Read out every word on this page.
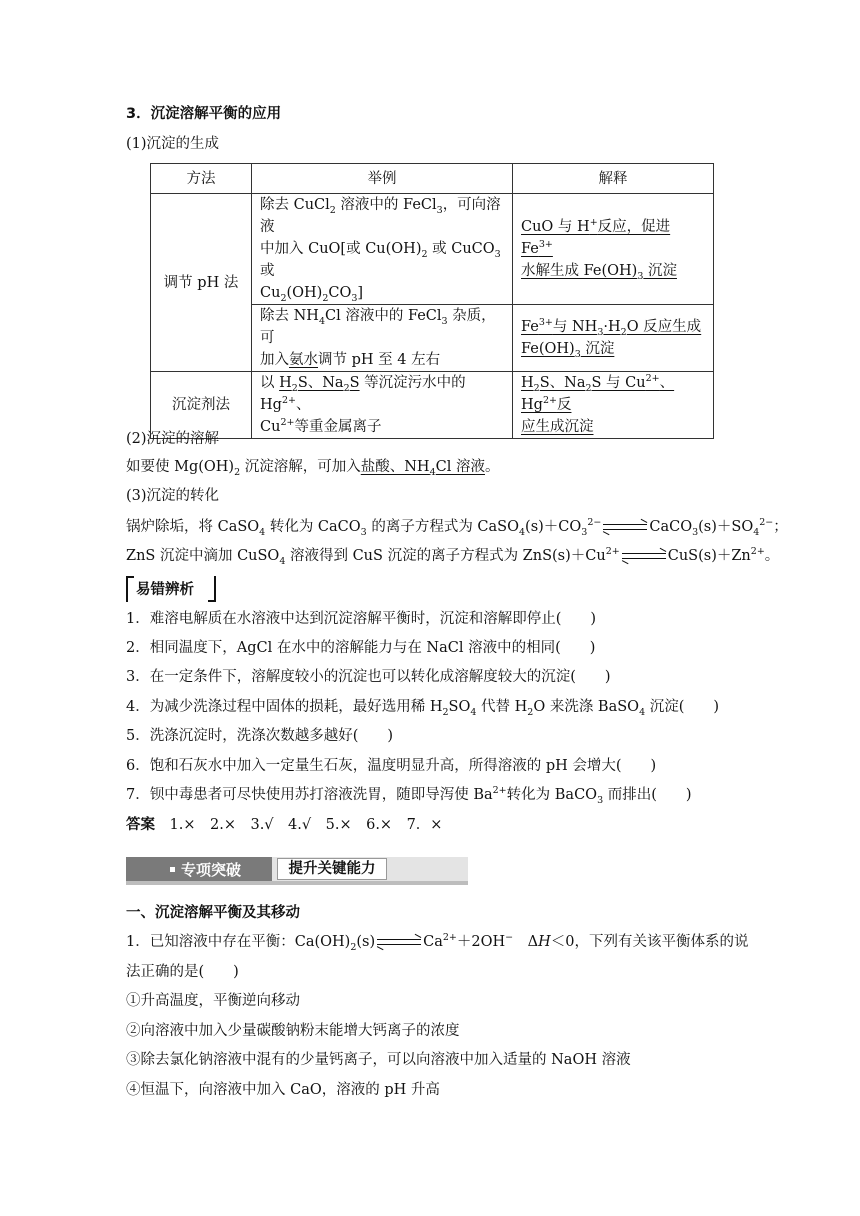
3．沉淀溶解平衡的应用
(1)沉淀的生成
方法	举例	解释
调节 pH 法	除去 CuCl$_2$ 溶液中的 FeCl$_3$，可向溶液
中加入 CuO[或 $Cu(OH)_2$ 或 CuCO$_3$ 或
$Cu_2(OH)_2CO_3$]	CuO 与 H+反应，促进 $Fe^{3+}$
水解生成 $Fe(OH)_3$ 沉淀
	除去 $NH_4Cl$ 溶液中的 FeCl$_3$ 杂质，可
加入氨水调节 pH 至 4 左右	$Fe^{3+}$与 $NH_3\cdot H_2O$ 反应生成
$Fe(OH)_3$ 沉淀
沉淀剂法	以 $H_2S$、$Na_2S$ 等沉淀污水中的 $Hg^{2+}$、
$Cu^{2+}$等重金属离子	$H_2S$、$Na_2S$ 与 $Cu^{2+}$、$Hg^{2+}$反
应生成沉淀
(2)沉淀的溶解
如要使 $Mg(OH)_2$ 沉淀溶解，可加入盐酸、$NH_4Cl$ 溶液。
(3)沉淀的转化
锅炉除垢，将 CaSO$_4$ 转化为 CaCO$_3$ 的离子方程式为 $CaSO_4(s)+CO_3^{2-}$	$CaCO_3(s)+SO_4^{2-}$；
ZnS 沉淀中滴加 CuSO$_4$ 溶液得到 CuS 沉淀的离子方程式为 $ZnS(s)+Cu^{2+}$	$CuS(s)+Zn^{2+}$。
易错辨析
1．难溶电解质在水溶液中达到沉淀溶解平衡时，沉淀和溶解即停止(　　)
2．相同温度下，AgCl 在水中的溶解能力与在 NaCl 溶液中的相同(　　)
3．在一定条件下，溶解度较小的沉淀也可以转化成溶解度较大的沉淀(　　)
4．为减少洗涤过程中固体的损耗，最好选用稀 $H_2SO_4$ 代替 $H_2O$ 来洗涤 BaSO$_4$ 沉淀(　　)
5．洗涤沉淀时，洗涤次数越多越好(　　)
6．饱和石灰水中加入一定量生石灰，温度明显升高，所得溶液的 pH 会增大(　　)
7．钡中毒患者可尽快使用苏打溶液洗胃，随即导泻使 $Ba^{2+}$转化为 BaCO$_3$ 而排出(　　)
答案　 1.×　2.×　3.√　4.√　5.×　6.×　7．×
专项突破	提升关键能力
一、沉淀溶解平衡及其移动
1．已知溶液中存在平衡：$Ca(OH)_2(s)$	$Ca^{2+}+2OH^-$　ΔH＜0，下列有关该平衡体系的说
法正确的是(　　)
①升高温度，平衡逆向移动
②向溶液中加入少量碳酸钠粉末能增大钙离子的浓度
③除去氯化钠溶液中混有的少量钙离子，可以向溶液中加入适量的 NaOH 溶液
④恒温下，向溶液中加入 CaO，溶液的 pH 升高
